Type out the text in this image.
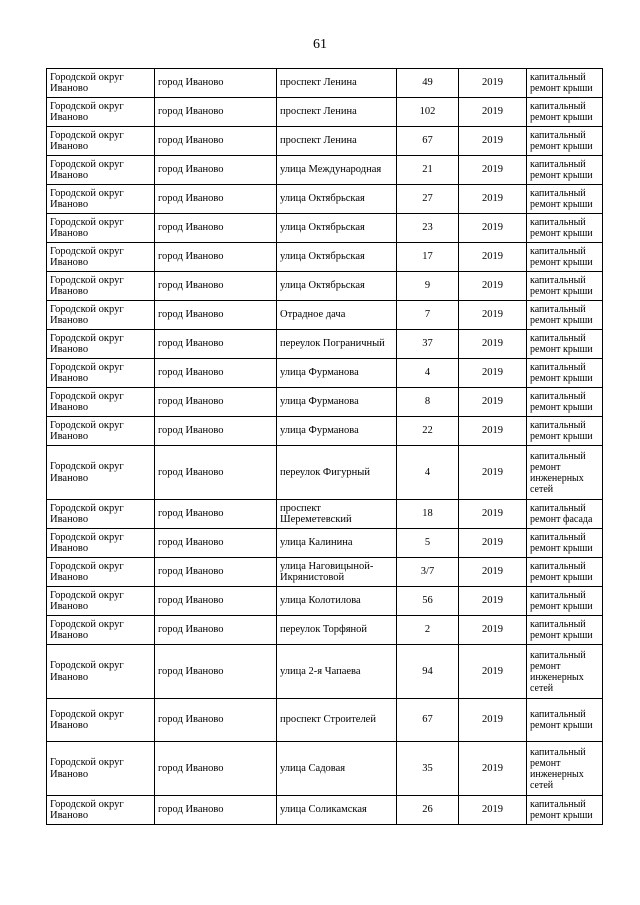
61
Городской округ Иваново	город Иваново	проспект Ленина	49	2019	капитальный ремонт крыши
Городской округ Иваново	город Иваново	проспект Ленина	102	2019	капитальный ремонт крыши
Городской округ Иваново	город Иваново	проспект Ленина	67	2019	капитальный ремонт крыши
Городской округ Иваново	город Иваново	улица Международная	21	2019	капитальный ремонт крыши
Городской округ Иваново	город Иваново	улица Октябрьская	27	2019	капитальный ремонт крыши
Городской округ Иваново	город Иваново	улица Октябрьская	23	2019	капитальный ремонт крыши
Городской округ Иваново	город Иваново	улица Октябрьская	17	2019	капитальный ремонт крыши
Городской округ Иваново	город Иваново	улица Октябрьская	9	2019	капитальный ремонт крыши
Городской округ Иваново	город Иваново	Отрадное дача	7	2019	капитальный ремонт крыши
Городской округ Иваново	город Иваново	переулок Пограничный	37	2019	капитальный ремонт крыши
Городской округ Иваново	город Иваново	улица Фурманова	4	2019	капитальный ремонт крыши
Городской округ Иваново	город Иваново	улица Фурманова	8	2019	капитальный ремонт крыши
Городской округ Иваново	город Иваново	улица Фурманова	22	2019	капитальный ремонт крыши
Городской округ Иваново	город Иваново	переулок Фигурный	4	2019	капитальный ремонт инженерных сетей
Городской округ Иваново	город Иваново	проспект Шереметевский	18	2019	капитальный ремонт фасада
Городской округ Иваново	город Иваново	улица Калинина	5	2019	капитальный ремонт крыши
Городской округ Иваново	город Иваново	улица Наговицыной-Икрянистовой	3/7	2019	капитальный ремонт крыши
Городской округ Иваново	город Иваново	улица Колотилова	56	2019	капитальный ремонт крыши
Городской округ Иваново	город Иваново	переулок Торфяной	2	2019	капитальный ремонт крыши
Городской округ Иваново	город Иваново	улица 2-я Чапаева	94	2019	капитальный ремонт инженерных сетей
Городской округ Иваново	город Иваново	проспект Строителей	67	2019	капитальный ремонт крыши
Городской округ Иваново	город Иваново	улица Садовая	35	2019	капитальный ремонт инженерных сетей
Городской округ Иваново	город Иваново	улица Соликамская	26	2019	капитальный ремонт крыши
